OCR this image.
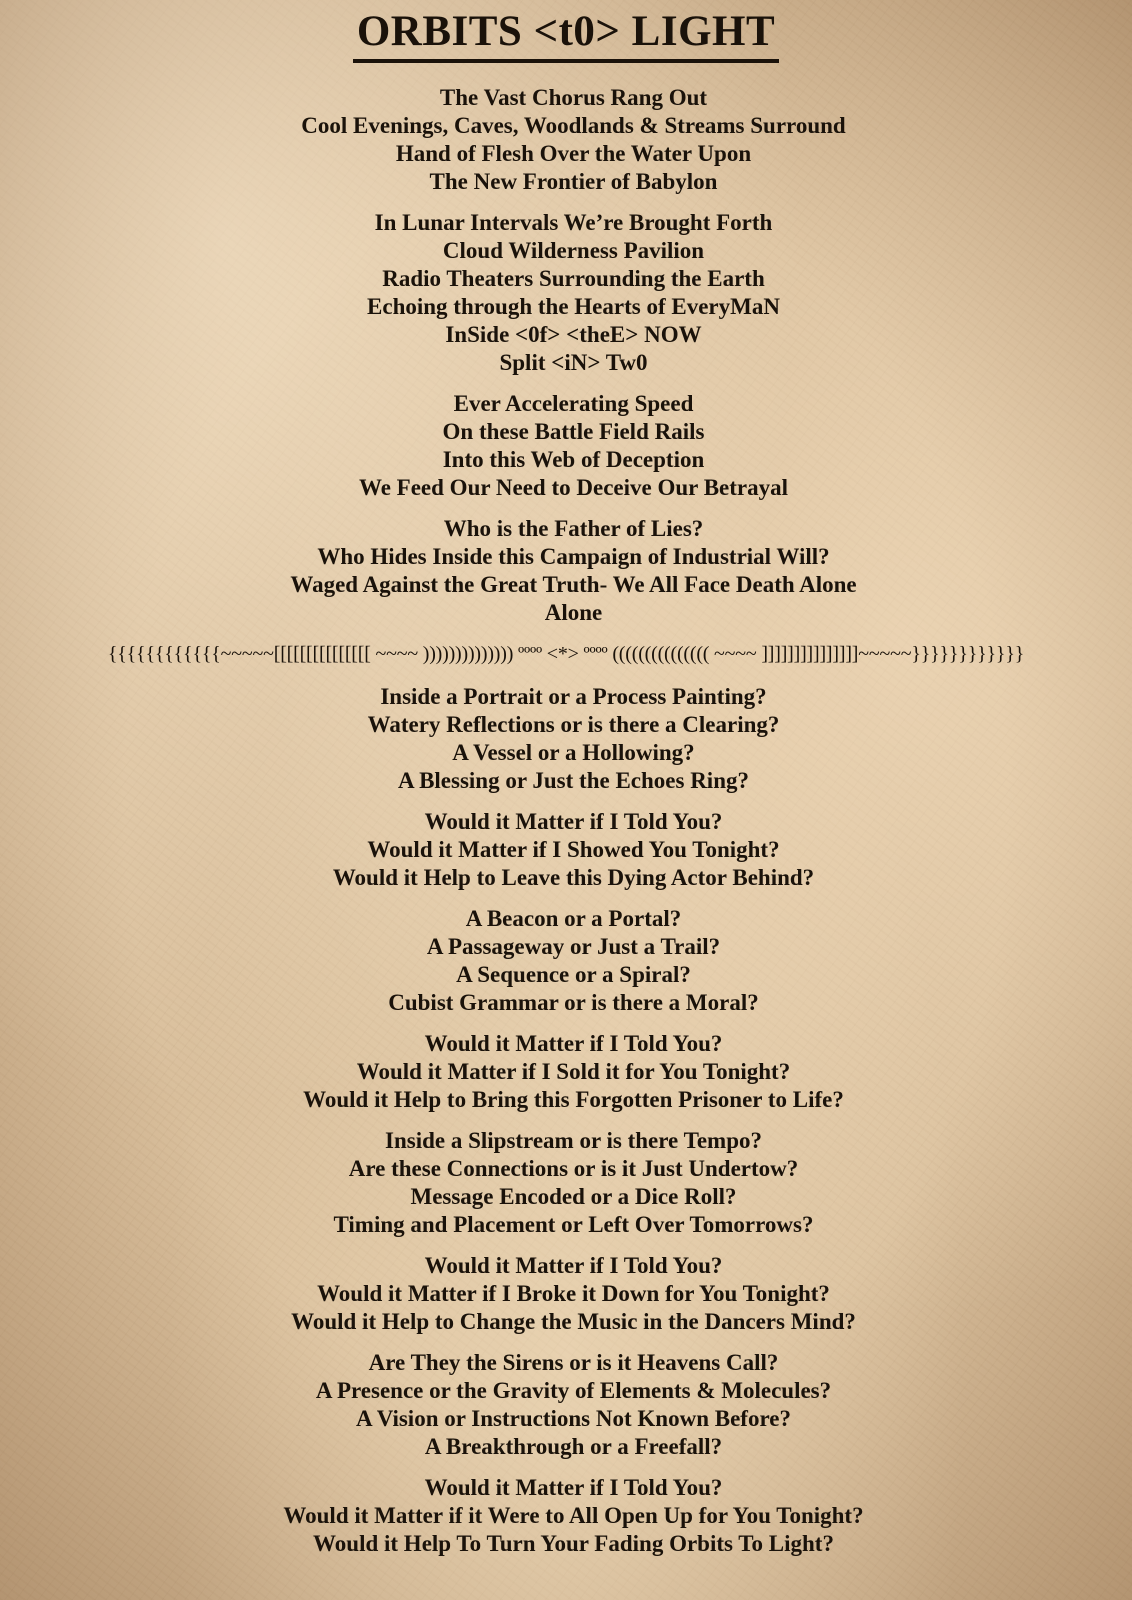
ORBITS <t0> LIGHT
The Vast Chorus Rang Out
Cool Evenings, Caves, Woodlands & Streams Surround
Hand of Flesh Over the Water Upon
The New Frontier of Babylon
In Lunar Intervals We’re Brought Forth
Cloud Wilderness Pavilion
Radio Theaters Surrounding the Earth
Echoing through the Hearts of EveryMaN
InSide <0f> <theE> NOW
Split <iN> Tw0
Ever Accelerating Speed
On these Battle Field Rails
Into this Web of Deception
We Feed Our Need to Deceive Our Betrayal
Who is the Father of Lies?
Who Hides Inside this Campaign of Industrial Will?
Waged Against the Great Truth- We All Face Death Alone
Alone
{{{{{{{{{{{{~~~~~[[[[[[[[[[[[[[[ ~~~~ )))))))))))))) ºººº <*> ºººº ((((((((((((((( ~~~~ ]]]]]]]]]]]]]]]~~~~~}}}}}}}}}}}}
Inside a Portrait or a Process Painting?
Watery Reflections or is there a Clearing?
A Vessel or a Hollowing?
A Blessing or Just the Echoes Ring?
Would it Matter if I Told You?
Would it Matter if I Showed You Tonight?
Would it Help to Leave this Dying Actor Behind?
A Beacon or a Portal?
A Passageway or Just a Trail?
A Sequence or a Spiral?
Cubist Grammar or is there a Moral?
Would it Matter if I Told You?
Would it Matter if I Sold it for You Tonight?
Would it Help to Bring this Forgotten Prisoner to Life?
Inside a Slipstream or is there Tempo?
Are these Connections or is it Just Undertow?
Message Encoded or a Dice Roll?
Timing and Placement or Left Over Tomorrows?
Would it Matter if I Told You?
Would it Matter if I Broke it Down for You Tonight?
Would it Help to Change the Music in the Dancers Mind?
Are They the Sirens or is it Heavens Call?
A Presence or the Gravity of Elements & Molecules?
A Vision or Instructions Not Known Before?
A Breakthrough or a Freefall?
Would it Matter if I Told You?
Would it Matter if it Were to All Open Up for You Tonight?
Would it Help To Turn Your Fading Orbits To Light?
